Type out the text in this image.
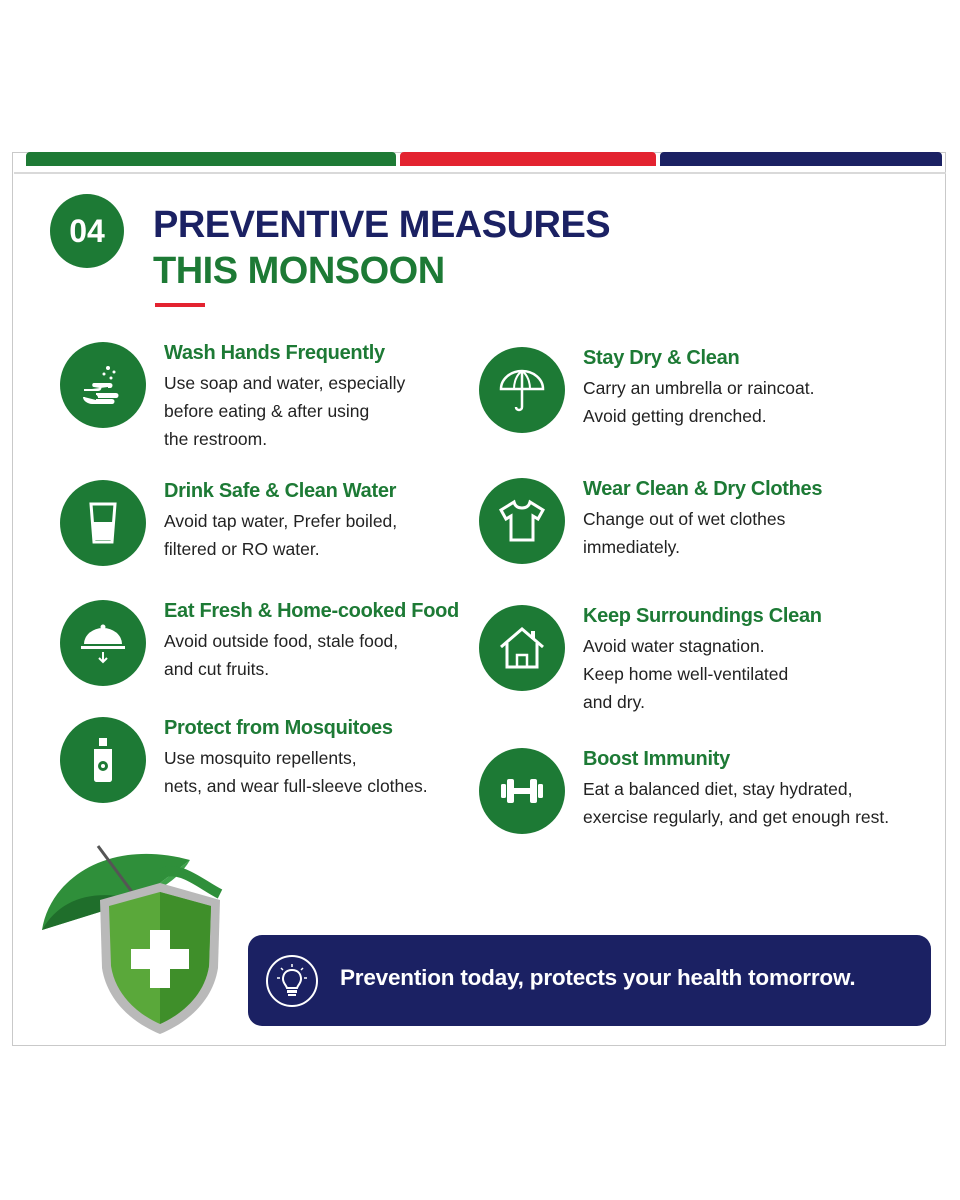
04	PREVENTIVE MEASURES
THIS MONSOON
Wash Hands Frequently
Use soap and water, especially
before eating & after using
the restroom.
Drink Safe & Clean Water
Avoid tap water, Prefer boiled,
filtered or RO water.
Eat Fresh & Home-cooked Food
Avoid outside food, stale food,
and cut fruits.
Protect from Mosquitoes
Use mosquito repellents,
nets, and wear full-sleeve clothes.
Stay Dry & Clean
Carry an umbrella or raincoat.
Avoid getting drenched.
Wear Clean & Dry Clothes
Change out of wet clothes
immediately.
Keep Surroundings Clean
Avoid water stagnation.
Keep home well-ventilated
and dry.
Boost Immunity
Eat a balanced diet, stay hydrated,
exercise regularly, and get enough rest.
Prevention today, protects your health tomorrow.
